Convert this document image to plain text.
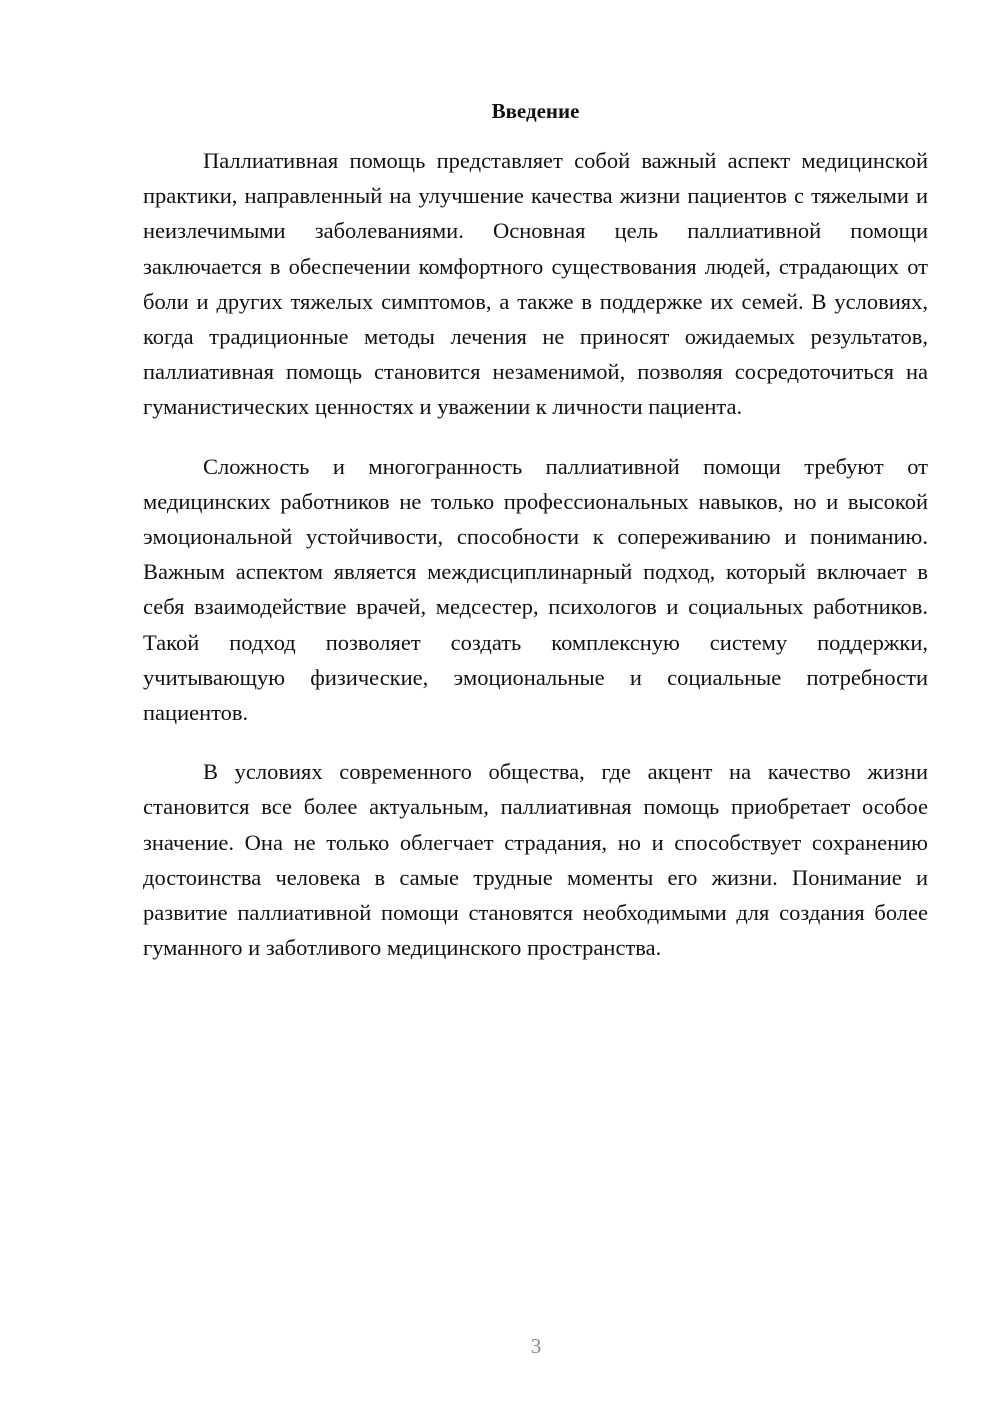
Введение

Паллиативная помощь представляет собой важный аспект медицинской практики, направленный на улучшение качества жизни пациентов с тяжелыми и неизлечимыми заболеваниями. Основная цель паллиативной помощи заключается в обеспечении комфортного существования людей, страдающих от боли и других тяжелых симптомов, а также в поддержке их семей. В условиях, когда традиционные методы лечения не приносят ожидаемых результатов, паллиативная помощь становится незаменимой, позволяя сосредоточиться на гуманистических ценностях и уважении к личности пациента.

Сложность и многогранность паллиативной помощи требуют от медицинских работников не только профессиональных навыков, но и высокой эмоциональной устойчивости, способности к сопереживанию и пониманию. Важным аспектом является междисциплинарный подход, который включает в себя взаимодействие врачей, медсестер, психологов и социальных работников. Такой подход позволяет создать комплексную систему поддержки, учитывающую физические, эмоциональные и социальные потребности пациентов.

В условиях современного общества, где акцент на качество жизни становится все более актуальным, паллиативная помощь приобретает особое значение. Она не только облегчает страдания, но и способствует сохранению достоинства человека в самые трудные моменты его жизни. Понимание и развитие паллиативной помощи становятся необходимыми для создания более гуманного и заботливого медицинского пространства.

3
